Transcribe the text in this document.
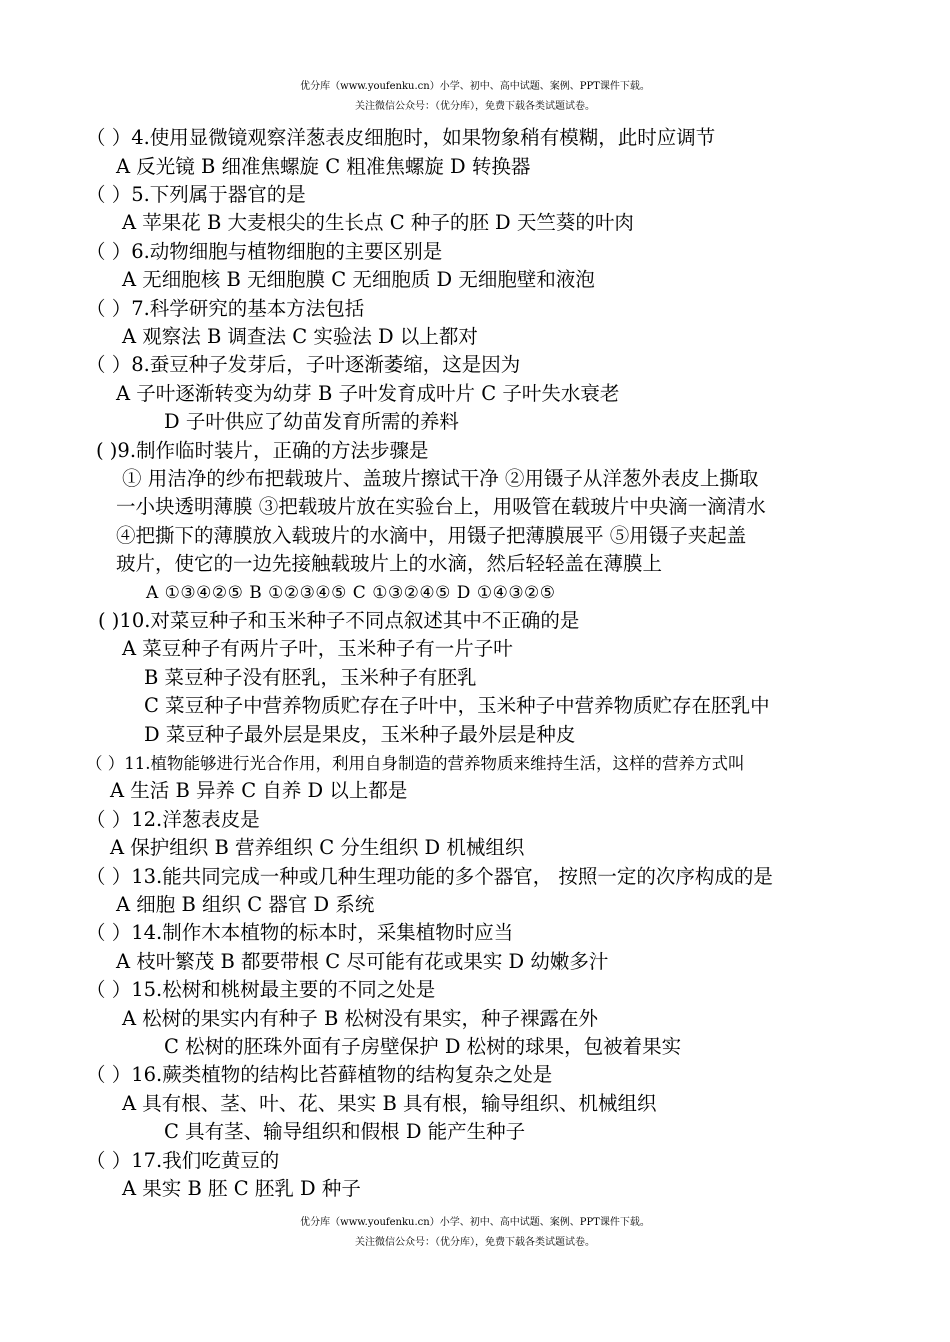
优分库（www.youfenku.cn）小学、初中、高中试题、案例、PPT课件下载。
关注微信公众号：（优分库），免费下载各类试题试卷。
（ ）4.使用显微镜观察洋葱表皮细胞时，如果物象稍有模糊，此时应调节
A 反光镜 B 细准焦螺旋 C 粗准焦螺旋 D 转换器
（ ）5.下列属于器官的是
A 苹果花 B 大麦根尖的生长点 C 种子的胚 D 天竺葵的叶肉
（ ）6.动物细胞与植物细胞的主要区别是
A 无细胞核 B 无细胞膜 C 无细胞质 D 无细胞壁和液泡
（ ）7.科学研究的基本方法包括
A 观察法 B 调查法 C 实验法 D 以上都对
（ ）8.蚕豆种子发芽后，子叶逐渐萎缩，这是因为
A 子叶逐渐转变为幼芽 B 子叶发育成叶片 C 子叶失水衰老
D 子叶供应了幼苗发育所需的养料
( )9.制作临时装片，正确的方法步骤是
① 用洁净的纱布把载玻片、盖玻片擦试干净 ②用镊子从洋葱外表皮上撕取
一小块透明薄膜 ③把载玻片放在实验台上，用吸管在载玻片中央滴一滴清水
④把撕下的薄膜放入载玻片的水滴中，用镊子把薄膜展平 ⑤用镊子夹起盖
玻片，使它的一边先接触载玻片上的水滴，然后轻轻盖在薄膜上
A ①③④②⑤ B ①②③④⑤ C ①③②④⑤ D ①④③②⑤
( )10.对菜豆种子和玉米种子不同点叙述其中不正确的是
A 菜豆种子有两片子叶，玉米种子有一片子叶
B 菜豆种子没有胚乳，玉米种子有胚乳
C 菜豆种子中营养物质贮存在子叶中，玉米种子中营养物质贮存在胚乳中
D 菜豆种子最外层是果皮，玉米种子最外层是种皮
（ ）11.植物能够进行光合作用，利用自身制造的营养物质来维持生活，这样的营养方式叫
A 生活 B 异养 C 自养 D 以上都是
（ ）12.洋葱表皮是
A 保护组织 B 营养组织 C 分生组织 D 机械组织
（ ）13.能共同完成一种或几种生理功能的多个器官， 按照一定的次序构成的是
A 细胞 B 组织 C 器官 D 系统
（ ）14.制作木本植物的标本时，采集植物时应当
A 枝叶繁茂 B 都要带根 C 尽可能有花或果实 D 幼嫩多汁
（ ）15.松树和桃树最主要的不同之处是
A 松树的果实内有种子 B 松树没有果实，种子裸露在外
C 松树的胚珠外面有子房壁保护 D 松树的球果，包被着果实
（ ）16.蕨类植物的结构比苔藓植物的结构复杂之处是
A 具有根、茎、叶、花、果实 B 具有根，输导组织、机械组织
C 具有茎、输导组织和假根 D 能产生种子
（ ）17.我们吃黄豆的
A 果实 B 胚 C 胚乳 D 种子
优分库（www.youfenku.cn）小学、初中、高中试题、案例、PPT课件下载。
关注微信公众号：（优分库），免费下载各类试题试卷。
